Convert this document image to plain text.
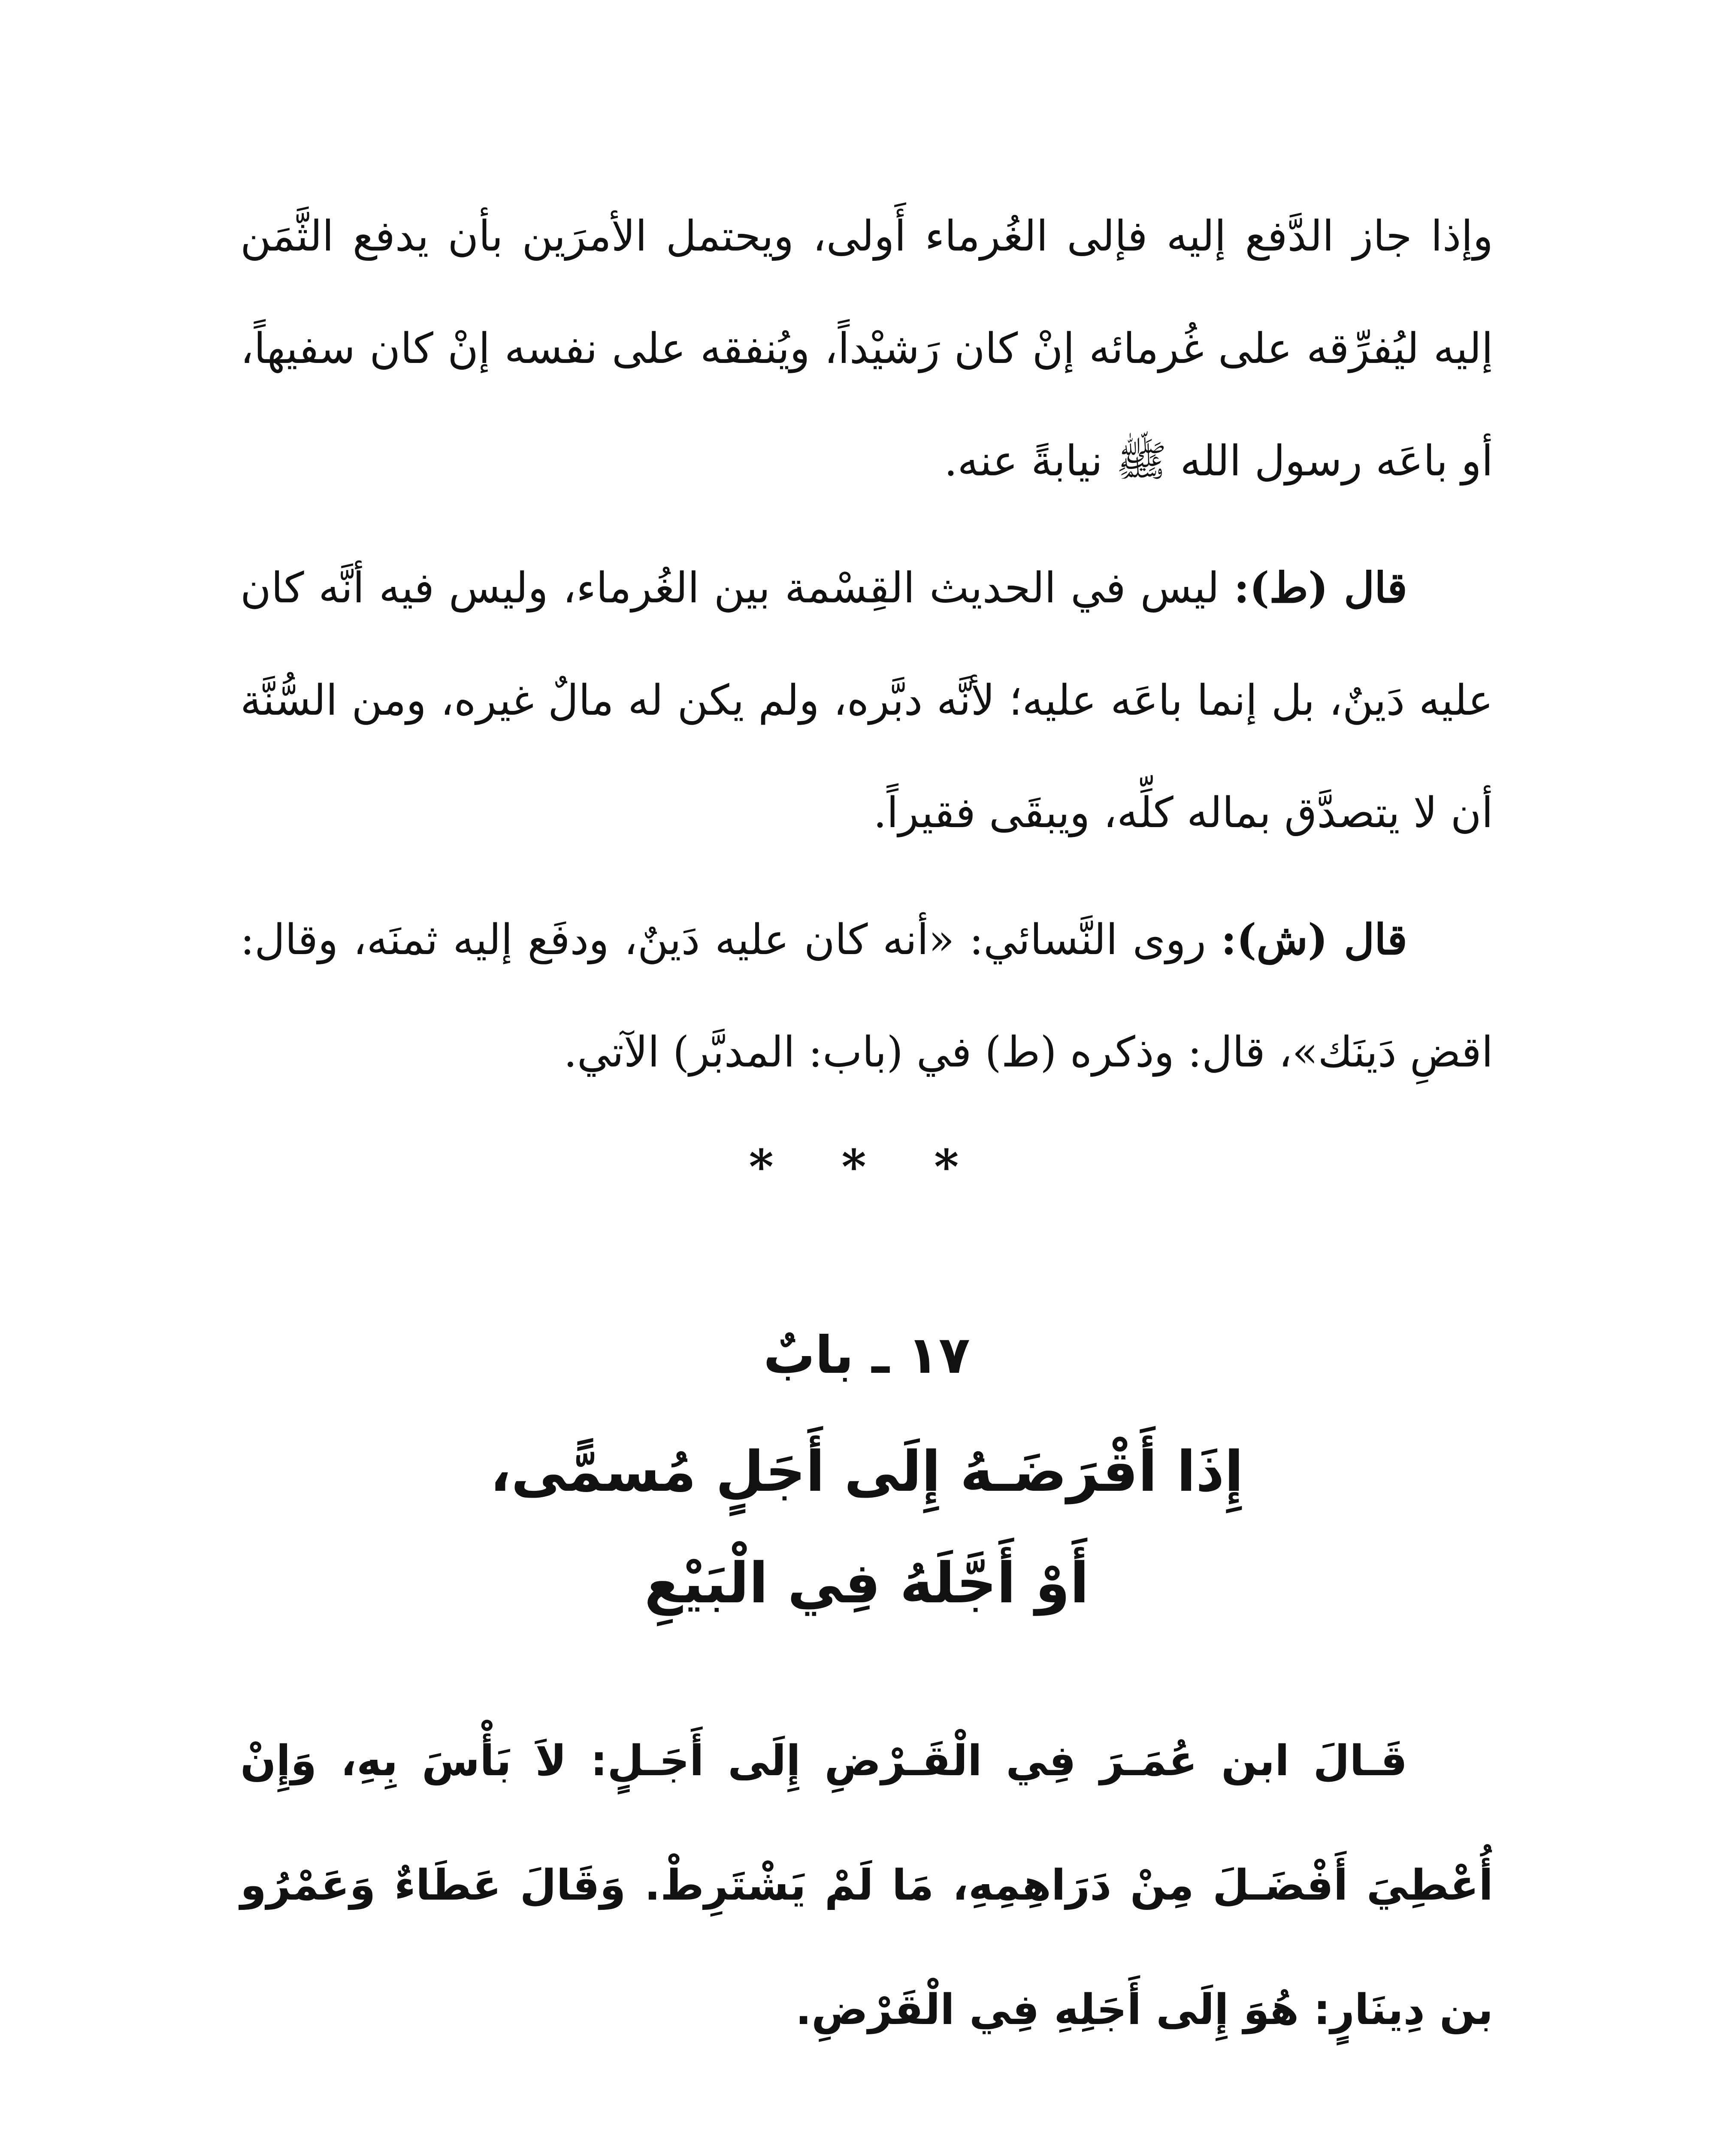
وإذا جاز الدَّفع إليه فإلى الغُرماء أَولى، ويحتمل الأمرَين بأن يدفع الثَّمَن إليه ليُفرِّقه على غُرمائه إنْ كان رَشيْداً، ويُنفقه على نفسه إنْ كان سفيهاً، أو باعَه رسول الله ﷺ نيابةً عنه.

قال (ط): ليس في الحديث القِسْمة بين الغُرماء، وليس فيه أنَّه كان عليه دَينٌ، بل إنما باعَه عليه؛ لأنَّه دبَّره، ولم يكن له مالٌ غيره، ومن السُّنَّة أن لا يتصدَّق بماله كلِّه، ويبقَى فقيراً.

قال (ش): روى النَّسائي: «أنه كان عليه دَينٌ، ودفَع إليه ثمنَه، وقال: اقضِ دَينَك»، قال: وذكره (ط) في (باب: المدبَّر) الآتي.

* * *
١٧ ـ بابٌ
إِذَا أَقْرَضَـهُ إِلَى أَجَلٍ مُسمًّى،
أَوْ أَجَّلَهُ فِي الْبَيْعِ

قَـالَ ابن عُمَـرَ فِي الْقَـرْضِ إِلَى أَجَـلٍ: لاَ بَأْسَ بِهِ، وَإِنْ أُعْطِيَ أَفْضَـلَ مِنْ دَرَاهِمِهِ، مَا لَمْ يَشْتَرِطْ. وَقَالَ عَطَاءٌ وَعَمْرُو بن دِينَارٍ: هُوَ إِلَى أَجَلِهِ فِي الْقَرْضِ.
